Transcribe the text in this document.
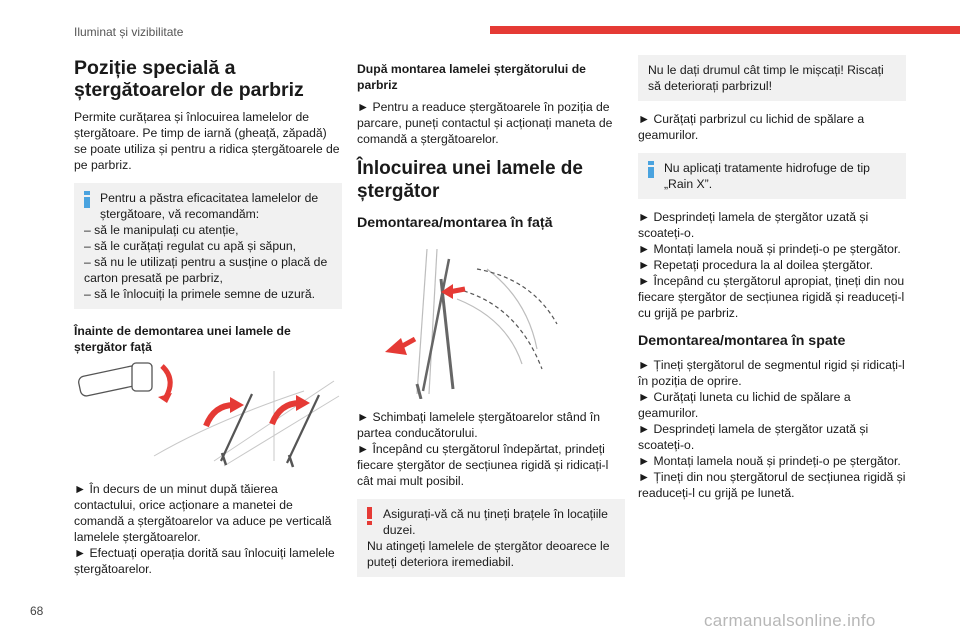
Iluminat și vizibilitate
Poziție specială a ștergătoarelor de parbriz

Permite curățarea și înlocuirea lamelelor de ștergătoare. Pe timp de iarnă (gheață, zăpadă) se poate utiliza și pentru a ridica ștergătoarele de pe parbriz.

Pentru a păstra eficacitatea lamelelor de ștergătoare, vă recomandăm:
– să le manipulați cu atenție,
– să le curățați regulat cu apă și săpun,
– să nu le utilizați pentru a susține o placă de carton presată pe parbriz,
– să le înlocuiți la primele semne de uzură.
Înainte de demontarea unei lamele de ștergător față

► În decurs de un minut după tăierea contactului, orice acționare a manetei de comandă a ștergătoarelor va aduce pe verticală lamelele ștergătoarelor.

► Efectuați operația dorită sau înlocuiți lamelele ștergătoarelor.

După montarea lamelei ștergătorului de parbriz

► Pentru a readuce ștergătoarele în poziția de parcare, puneți contactul și acționați maneta de comandă a ștergătoarelor.

Înlocuirea unei lamele de ștergător
Demontarea/montarea în față

► Schimbați lamelele ștergătoarelor stând în partea conducătorului.

► Începând cu ștergătorul îndepărtat, prindeți fiecare ștergător de secțiunea rigidă și ridicați-l cât mai mult posibil.

Asigurați-vă că nu țineți brațele în locațiile duzei.
Nu atingeți lamelele de ștergător deoarece le puteți deteriora iremediabil.
Nu le dați drumul cât timp le mișcați! Riscați să deteriorați parbrizul!

► Curățați parbrizul cu lichid de spălare a geamurilor.

Nu aplicați tratamente hidrofuge de tip „Rain X”.

► Desprindeți lamela de ștergător uzată și scoateți-o.

► Montați lamela nouă și prindeți-o pe ștergător.

► Repetați procedura la al doilea ștergător.

► Începând cu ștergătorul apropiat, țineți din nou fiecare ștergător de secțiunea rigidă și readuceți-l cu grijă pe parbriz.

Demontarea/montarea în spate

► Țineți ștergătorul de segmentul rigid și ridicați-l în poziția de oprire.

► Curățați luneta cu lichid de spălare a geamurilor.

► Desprindeți lamela de ștergător uzată și scoateți-o.

► Montați lamela nouă și prindeți-o pe ștergător.

► Țineți din nou ștergătorul de secțiunea rigidă și readuceți-l cu grijă pe lunetă.

68	carmanualsonline.info
